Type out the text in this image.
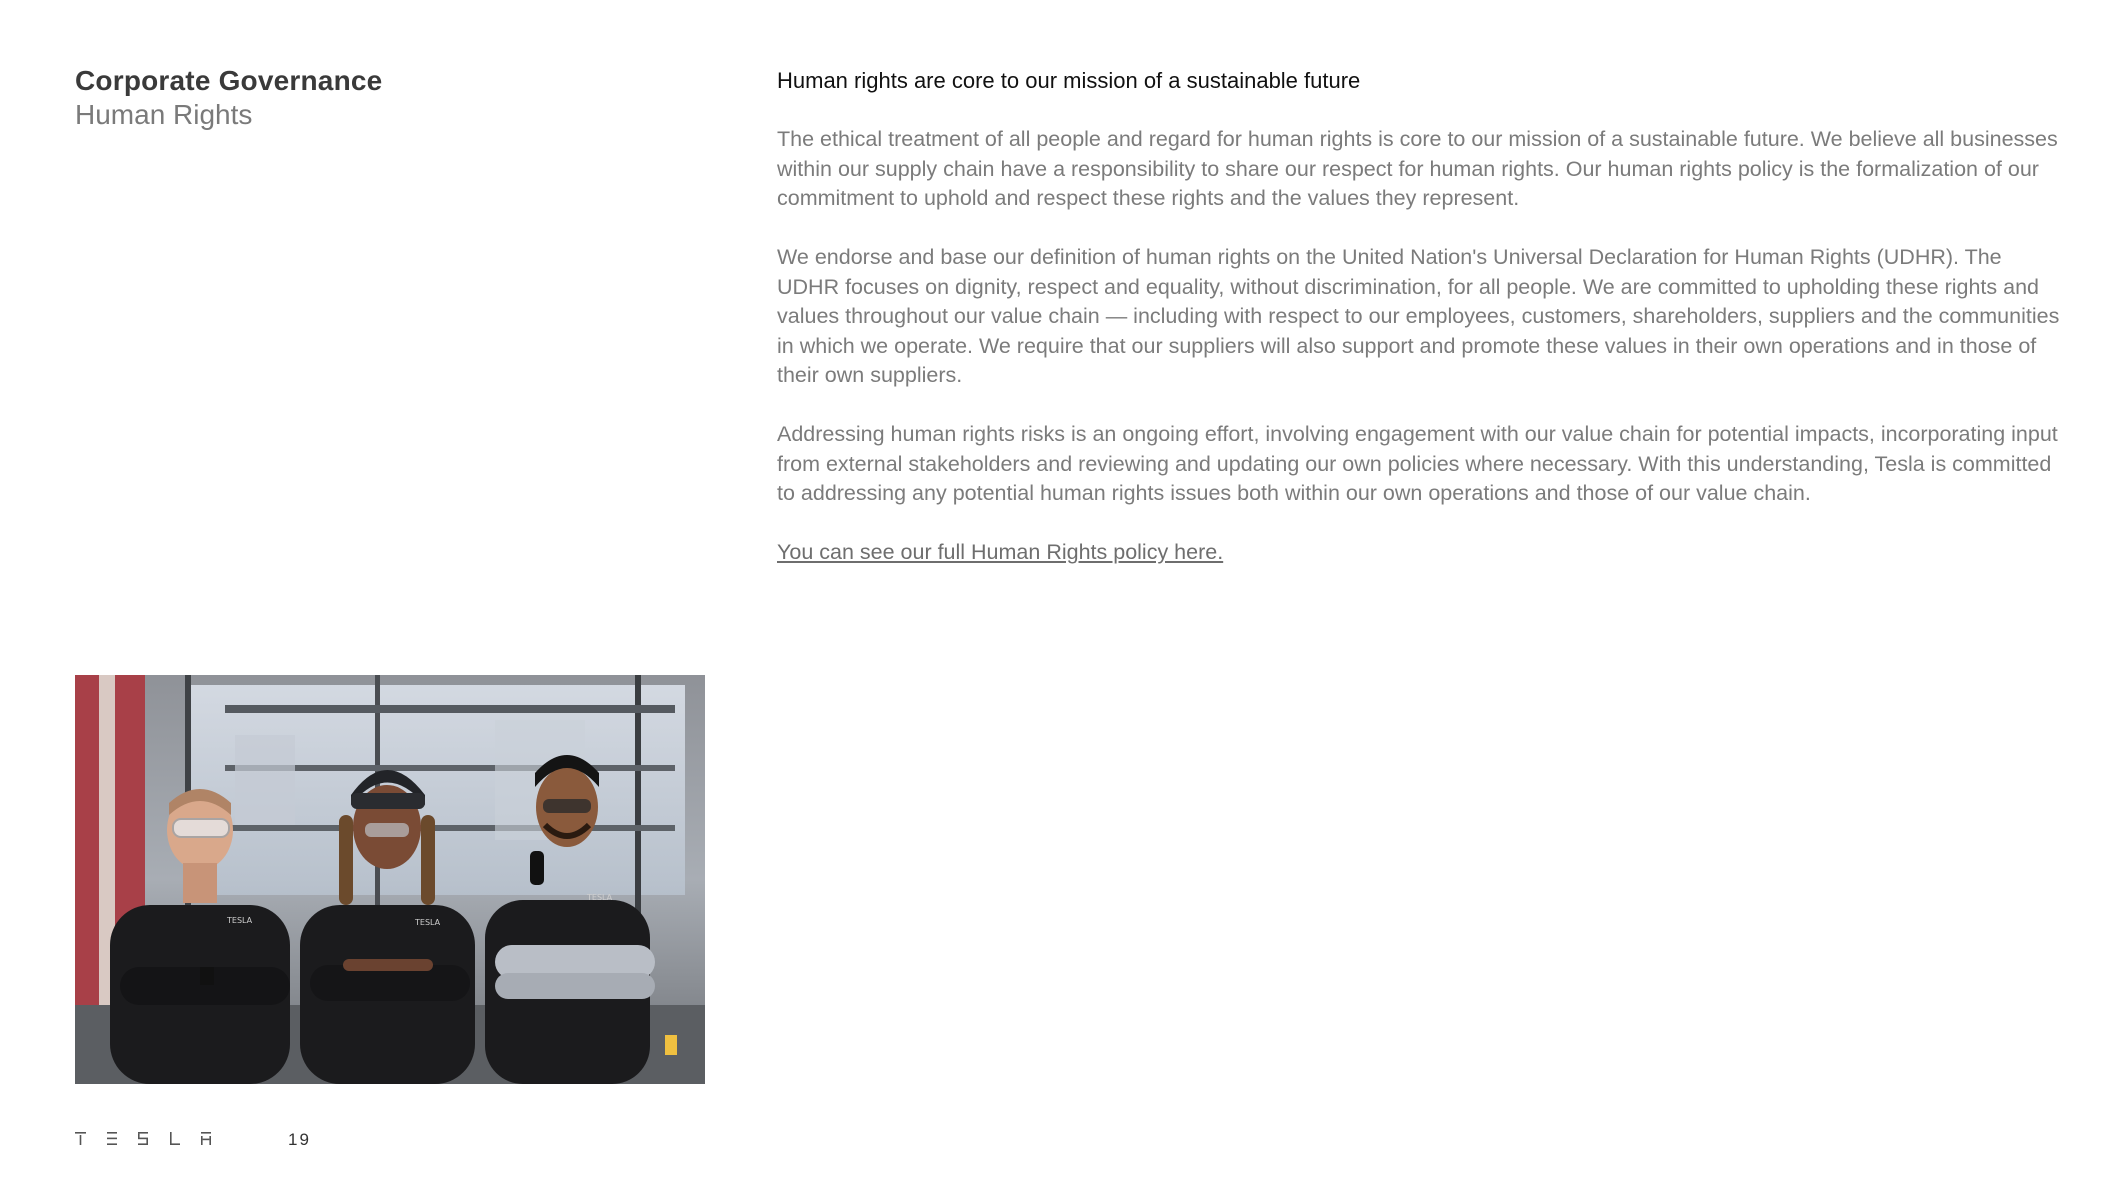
Corporate Governance
Human Rights
Human rights are core to our mission of a sustainable future

The ethical treatment of all people and regard for human rights is core to our mission of a sustainable future. We believe all businesses within our supply chain have a responsibility to share our respect for human rights. Our human rights policy is the formalization of our commitment to uphold and respect these rights and the values they represent.

We endorse and base our definition of human rights on the United Nation's Universal Declaration for Human Rights (UDHR). The UDHR focuses on dignity, respect and equality, without discrimination, for all people. We are committed to upholding these rights and values throughout our value chain — including with respect to our employees, customers, shareholders, suppliers and the communities in which we operate. We require that our suppliers will also support and promote these values in their own operations and in those of their own suppliers.

Addressing human rights risks is an ongoing effort, involving engagement with our value chain for potential impacts, incorporating input from external stakeholders and reviewing and updating our own policies where necessary. With this understanding, Tesla is committed to addressing any potential human rights issues both within our own operations and those of our value chain.

You can see our full Human Rights policy here.
TESLA	TESLA
TESLA
19
